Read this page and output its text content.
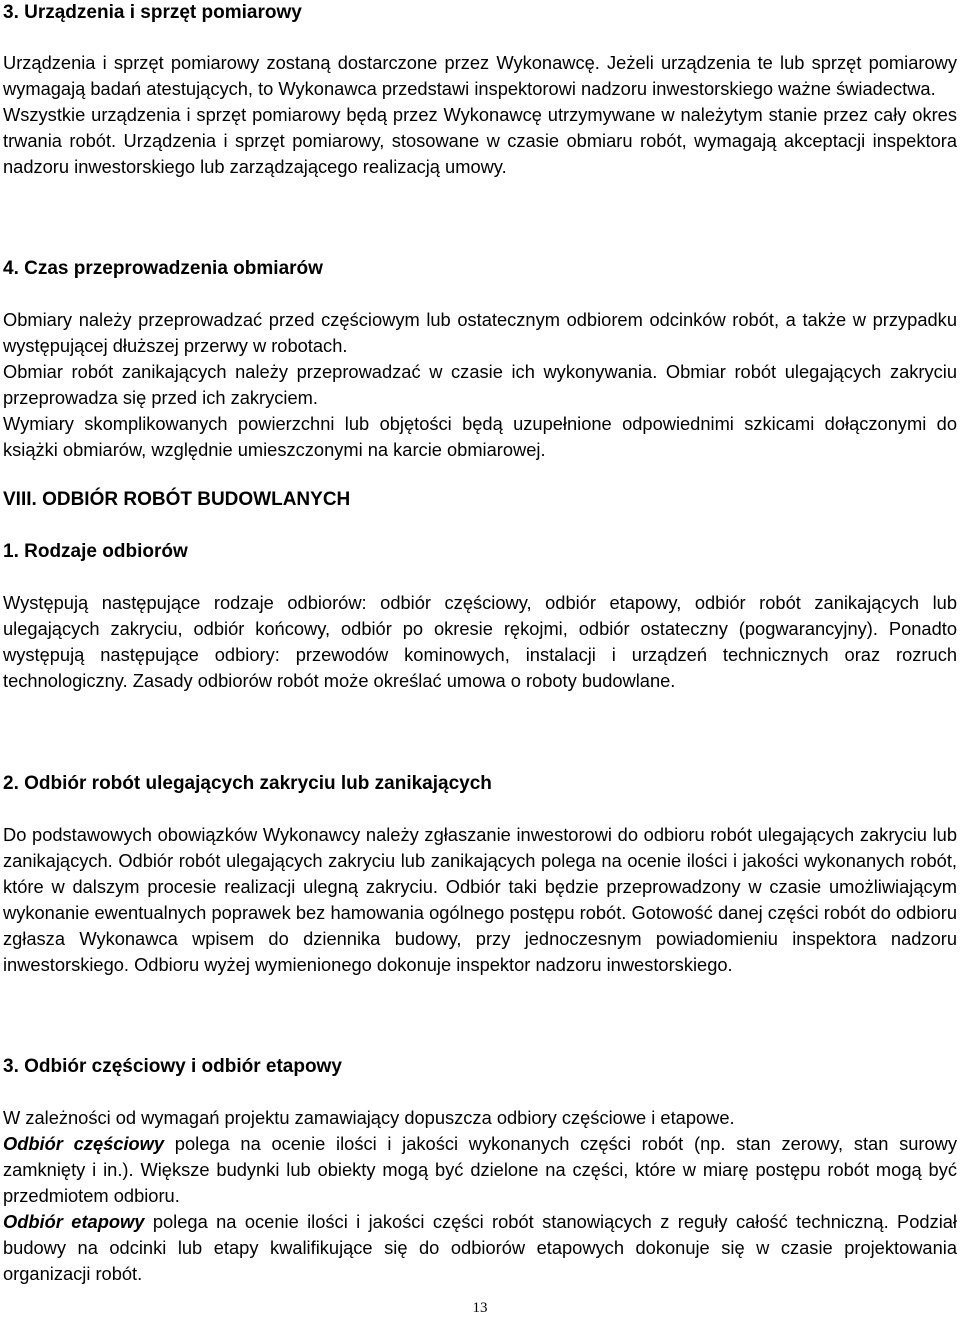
3. Urządzenia i sprzęt pomiarowy

Urządzenia i sprzęt pomiarowy zostaną dostarczone przez Wykonawcę. Jeżeli urządzenia te lub sprzęt pomiarowy wymagają badań atestujących, to Wykonawca przedstawi inspektorowi nadzoru inwestorskiego ważne świadectwa.

Wszystkie urządzenia i sprzęt pomiarowy będą przez Wykonawcę utrzymywane w należytym stanie przez cały okres trwania robót. Urządzenia i sprzęt pomiarowy, stosowane w czasie obmiaru robót, wymagają akceptacji inspektora nadzoru inwestorskiego lub zarządzającego realizacją umowy.

4. Czas przeprowadzenia obmiarów

Obmiary należy przeprowadzać przed częściowym lub ostatecznym odbiorem odcinków robót, a także w przypadku występującej dłuższej przerwy w robotach.

Obmiar robót zanikających należy przeprowadzać w czasie ich wykonywania. Obmiar robót ulegających zakryciu przeprowadza się przed ich zakryciem.

Wymiary skomplikowanych powierzchni lub objętości będą uzupełnione odpowiednimi szkicami dołączonymi do książki obmiarów, względnie umieszczonymi na karcie obmiarowej.

VIII. ODBIÓR ROBÓT BUDOWLANYCH

1. Rodzaje odbiorów

Występują następujące rodzaje odbiorów: odbiór częściowy, odbiór etapowy, odbiór robót zanikających lub ulegających zakryciu, odbiór końcowy, odbiór po okresie rękojmi, odbiór ostateczny (pogwarancyjny). Ponadto występują następujące odbiory: przewodów kominowych, instalacji i urządzeń technicznych oraz rozruch technologiczny. Zasady odbiorów robót może określać umowa o roboty budowlane.

2. Odbiór robót ulegających zakryciu lub zanikających

Do podstawowych obowiązków Wykonawcy należy zgłaszanie inwestorowi do odbioru robót ulegających zakryciu lub zanikających. Odbiór robót ulegających zakryciu lub zanikających polega na ocenie ilości i jakości wykonanych robót, które w dalszym procesie realizacji ulegną zakryciu. Odbiór taki będzie przeprowadzony w czasie umożliwiającym wykonanie ewentualnych poprawek bez hamowania ogólnego postępu robót. Gotowość danej części robót do odbioru zgłasza Wykonawca wpisem do dziennika budowy, przy jednoczesnym powiadomieniu inspektora nadzoru inwestorskiego. Odbioru wyżej wymienionego dokonuje inspektor nadzoru inwestorskiego.

3. Odbiór częściowy i odbiór etapowy

W zależności od wymagań projektu zamawiający dopuszcza odbiory częściowe i etapowe.

Odbiór częściowy polega na ocenie ilości i jakości wykonanych części robót (np. stan zerowy, stan surowy zamknięty i in.). Większe budynki lub obiekty mogą być dzielone na części, które w miarę postępu robót mogą być przedmiotem odbioru.

Odbiór etapowy polega na ocenie ilości i jakości części robót stanowiących z reguły całość techniczną. Podział budowy na odcinki lub etapy kwalifikujące się do odbiorów etapowych dokonuje się w czasie projektowania organizacji robót.

13
